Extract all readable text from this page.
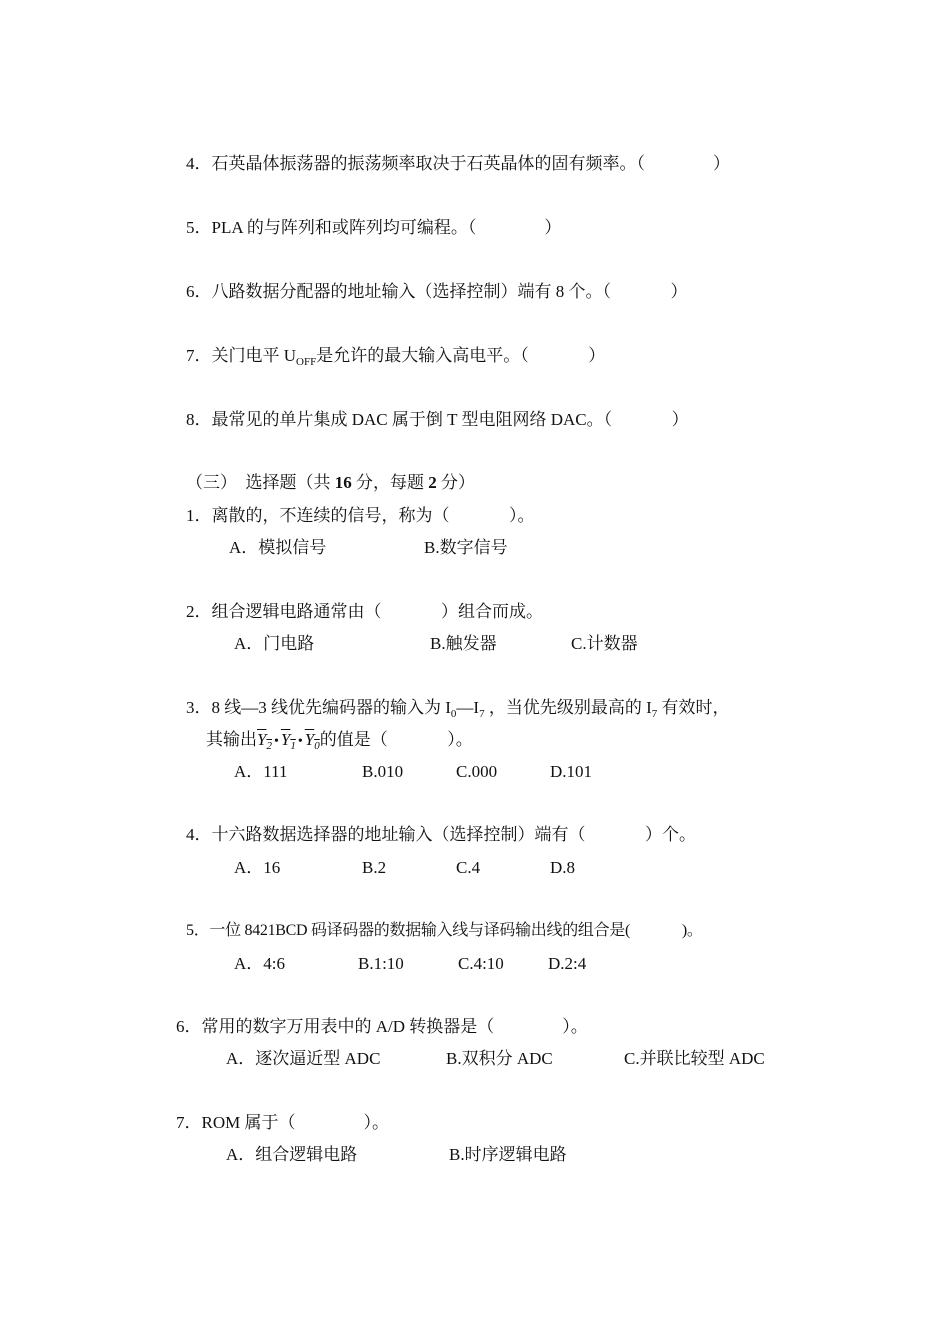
4．石英晶体振荡器的振荡频率取决于石英晶体的固有频率。（                ）
5．PLA 的与阵列和或阵列均可编程。（                ）
6．八路数据分配器的地址输入（选择控制）端有 8 个。（              ）
7．关门电平 $U_{OFF}$是允许的最大输入高电平。（              ）
8．最常见的单片集成 DAC 属于倒 T 型电阻网络 DAC。（              ）
（三）  选择题（共 16 分，每题 2 分）
1．离散的，不连续的信号，称为（              ）。
A．模拟信号	B.数字信号
2．组合逻辑电路通常由（              ）组合而成。
A．门电路	B.触发器	C.计数器
3．8 线—3 线优先编码器的输入为 $I_0—I_7$ ，当优先级别最高的 $I_7$ 有效时，
其输出$Y_2$ • $Y_1$ • $Y_0$的值是（              ）。
A．111	B.010	C.000	D.101
4．十六路数据选择器的地址输入（选择控制）端有（              ）个。
A．16	B.2	C.4	D.8
5．一位 8421BCD 码译码器的数据输入线与译码输出线的组合是(              )。
A．4:6	B.1:10	C.4:10	D.2:4
6．常用的数字万用表中的 A/D 转换器是（                ）。
A．逐次逼近型 ADC	B.双积分 ADC	C.并联比较型 ADC
7．ROM 属于（                ）。
A．组合逻辑电路	B.时序逻辑电路
